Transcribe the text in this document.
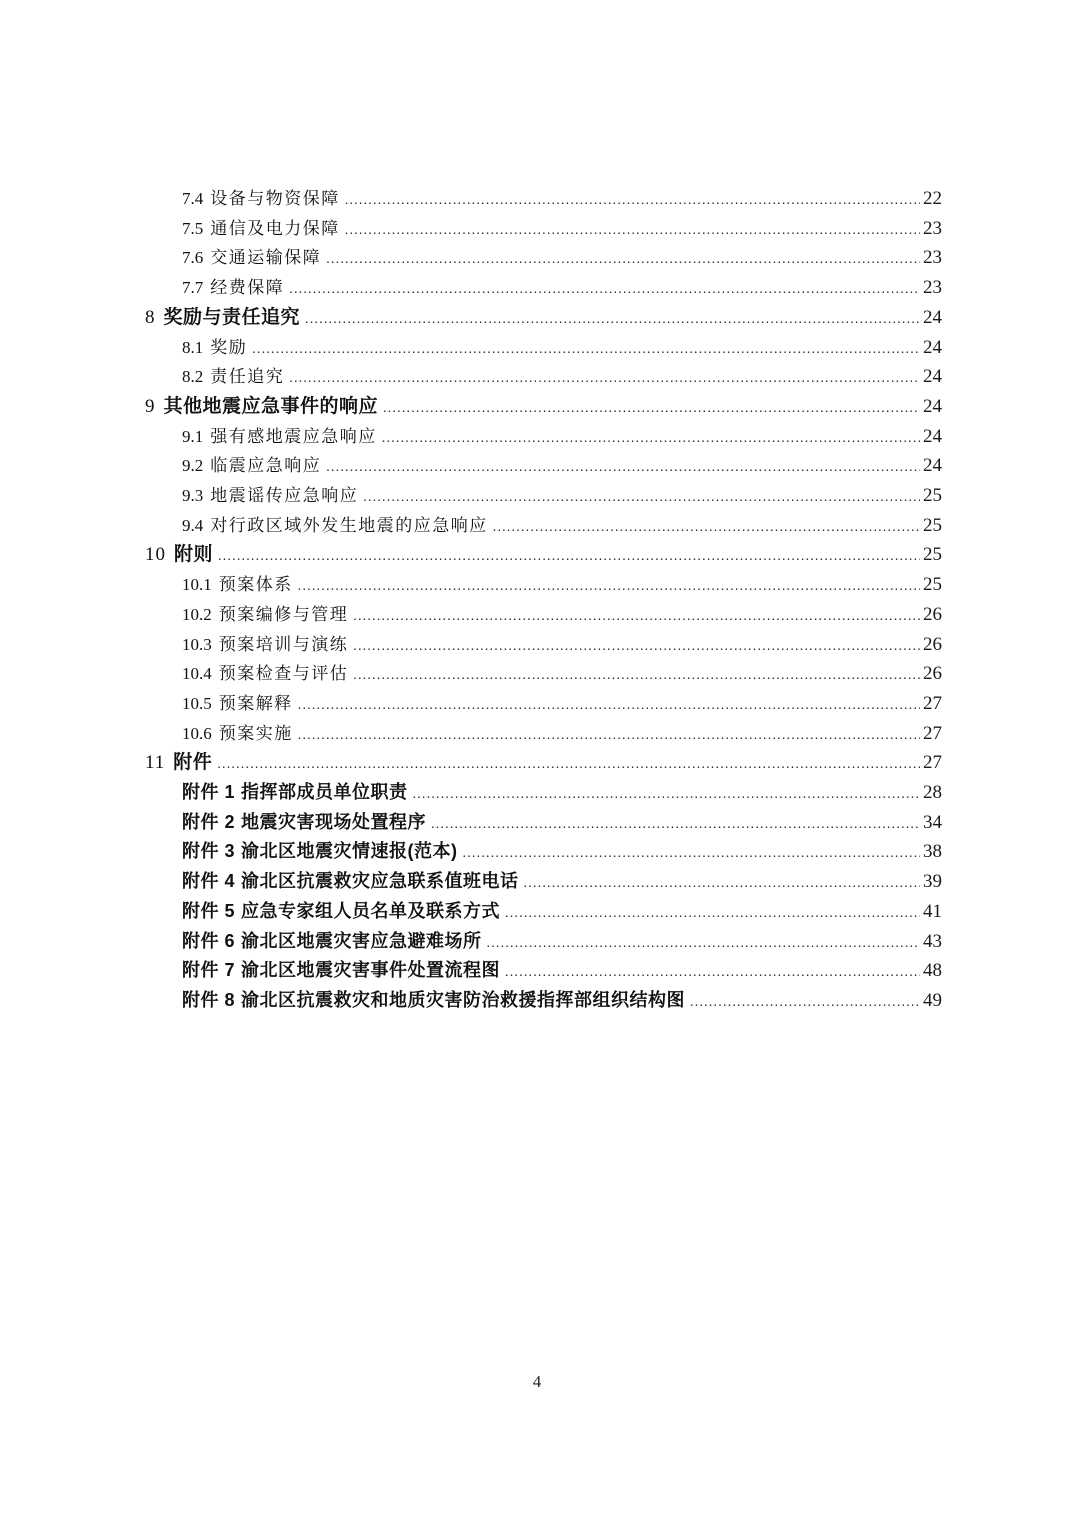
7.4 设备与物资保障 .....	22
7.5 通信及电力保障 .....	23
7.6 交通运输保障 .....	23
7.7 经费保障 .....	23
8 奖励与责任追究 .....	24
8.1 奖励 .....	24
8.2 责任追究 .....	24
9 其他地震应急事件的响应 .....	24
9.1 强有感地震应急响应 .....	24
9.2 临震应急响应 .....	24
9.3 地震谣传应急响应 .....	25
9.4 对行政区域外发生地震的应急响应 .....	25
10 附则 .....	25
10.1 预案体系 .....	25
10.2 预案编修与管理 .....	26
10.3 预案培训与演练 .....	26
10.4 预案检查与评估 .....	26
10.5 预案解释 .....	27
10.6 预案实施 .....	27
11 附件 .....	27
附件 1 指挥部成员单位职责 .....	28
附件 2 地震灾害现场处置程序 .....	34
附件 3 渝北区地震灾情速报(范本) .....	38
附件 4 渝北区抗震救灾应急联系值班电话 .....	39
附件 5 应急专家组人员名单及联系方式 .....	41
附件 6 渝北区地震灾害应急避难场所 .....	43
附件 7 渝北区地震灾害事件处置流程图 .....	48
附件 8 渝北区抗震救灾和地质灾害防治救援指挥部组织结构图 .....	49
4
